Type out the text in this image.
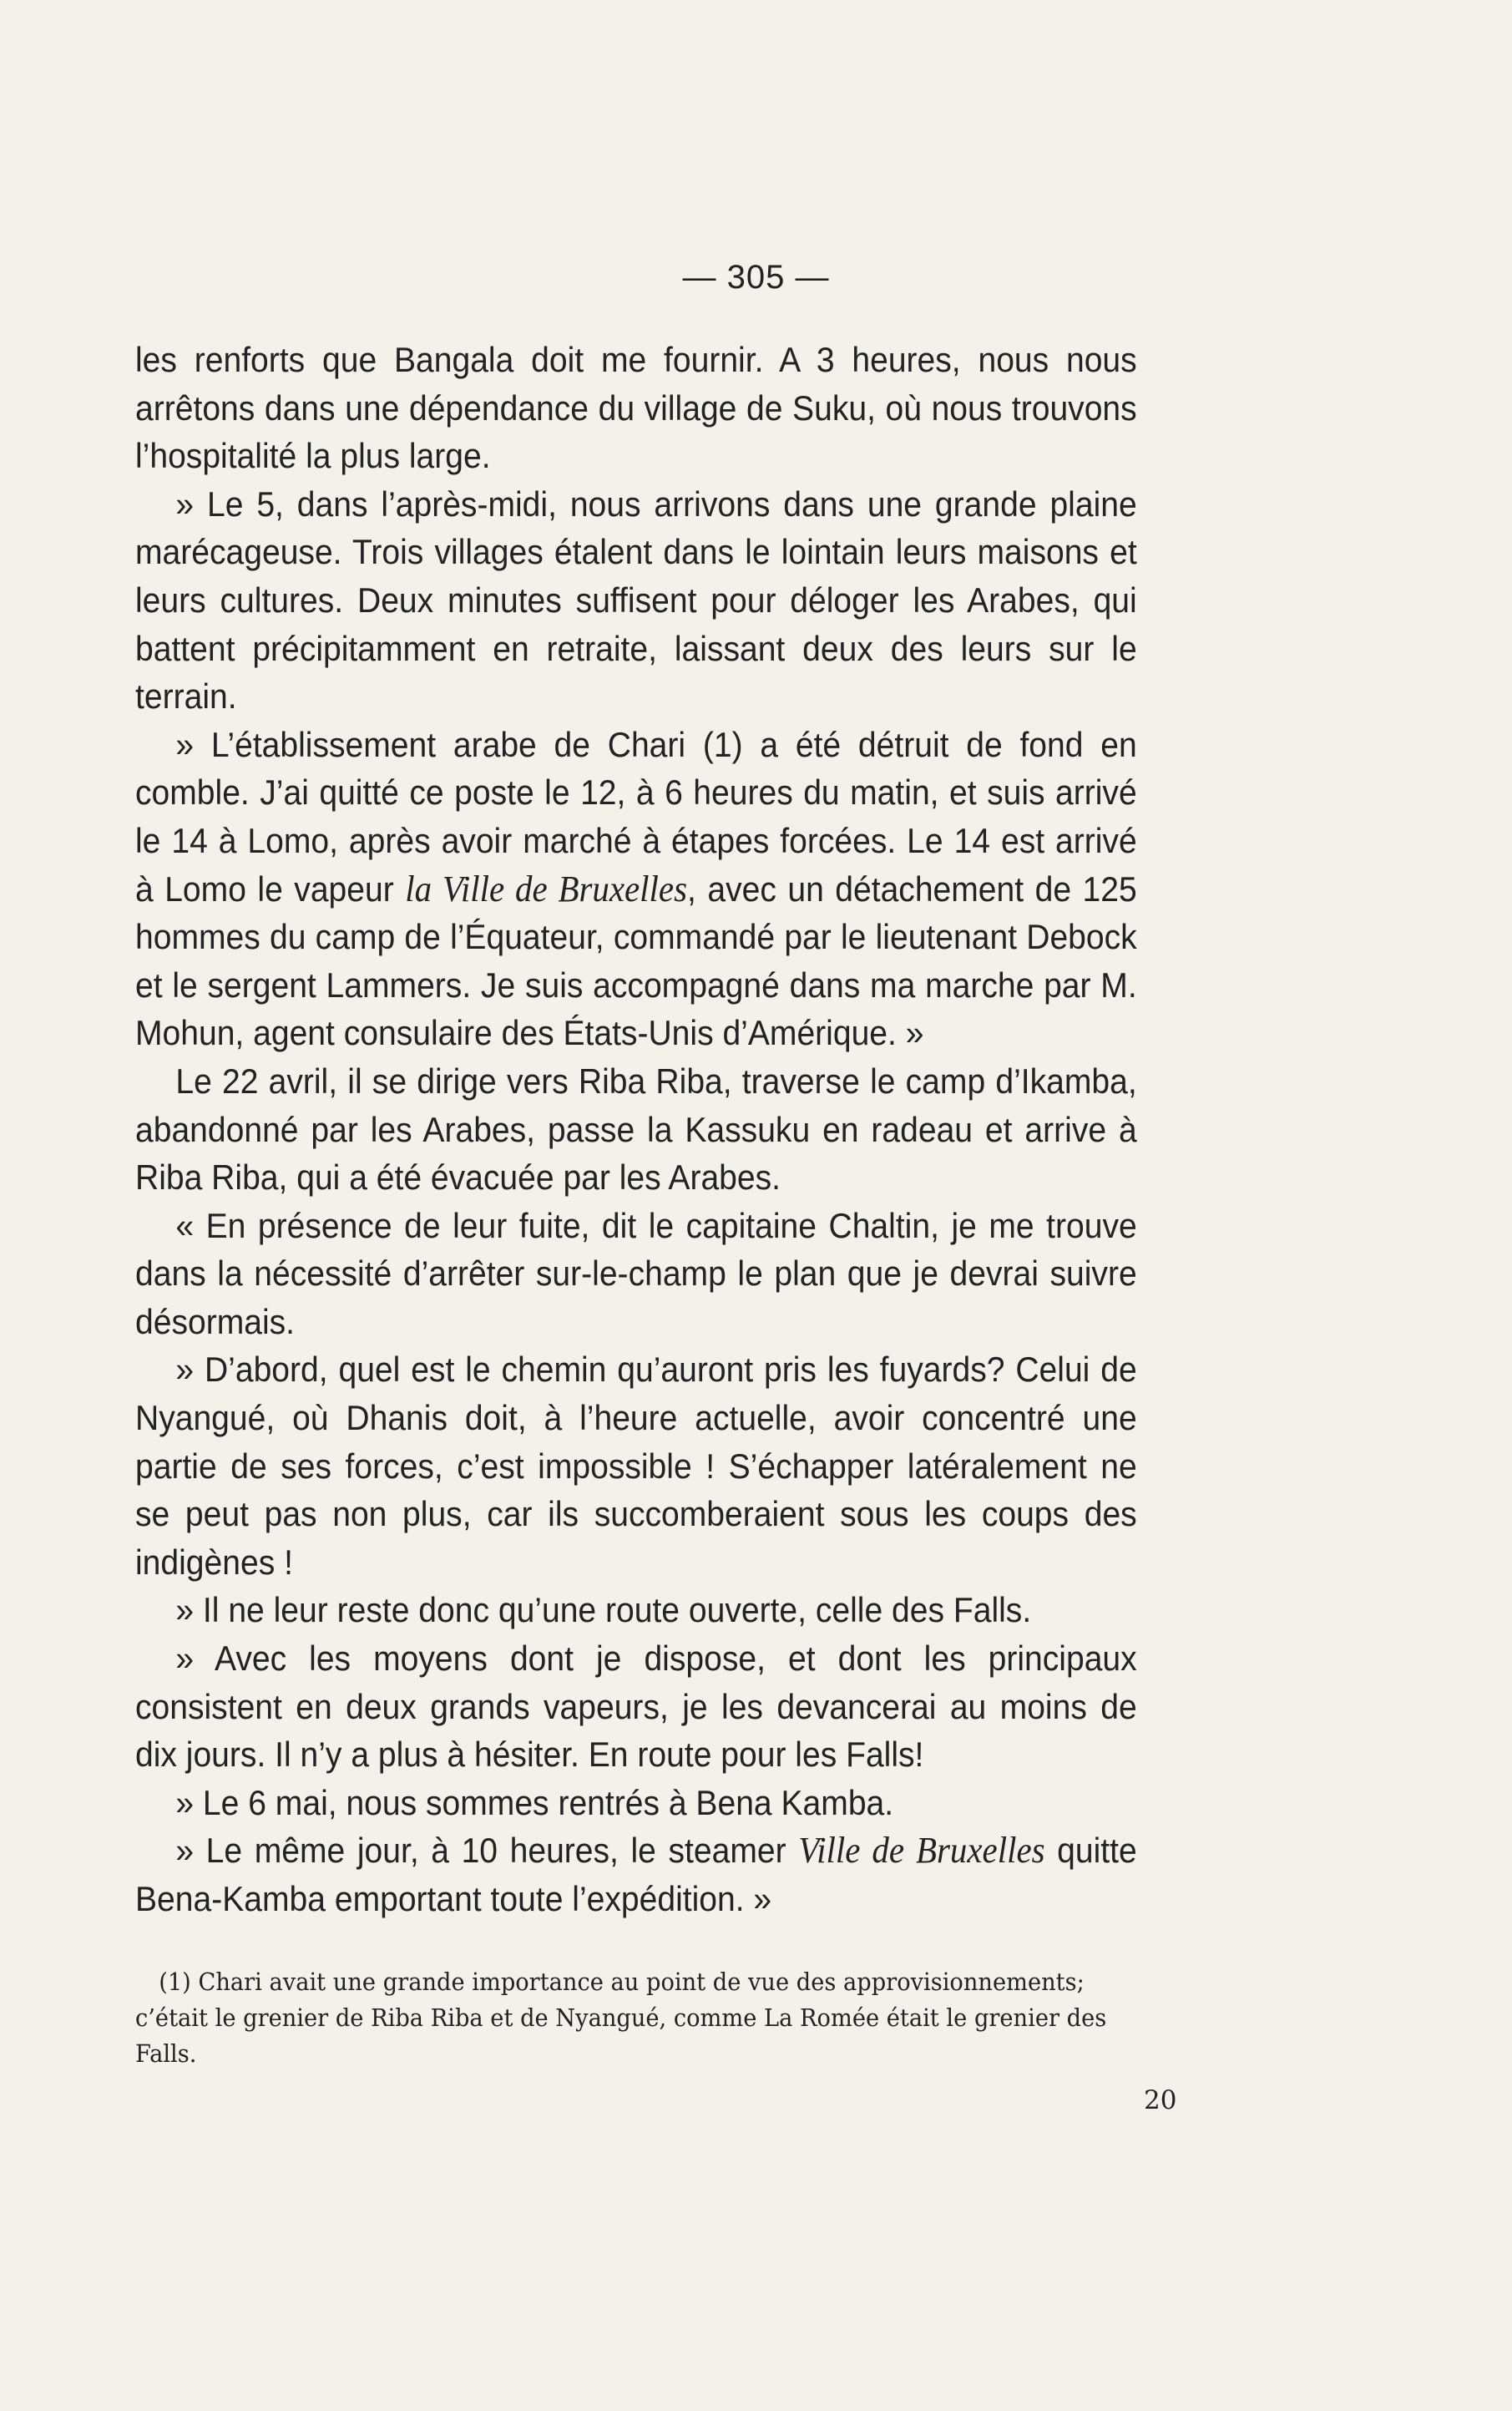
— 305 —

les renforts que Bangala doit me fournir. A 3 heures, nous nous arrêtons dans une dépendance du village de Suku, où nous trouvons l’hospitalité la plus large.

» Le 5, dans l’après-midi, nous arrivons dans une grande plaine marécageuse. Trois villages étalent dans le lointain leurs maisons et leurs cultures. Deux minutes suffisent pour déloger les Arabes, qui battent précipitamment en retraite, laissant deux des leurs sur le terrain.

» L’établissement arabe de Chari (1) a été détruit de fond en comble. J’ai quitté ce poste le 12, à 6 heures du matin, et suis arrivé le 14 à Lomo, après avoir marché à étapes forcées. Le 14 est arrivé à Lomo le vapeur la Ville de Bruxelles, avec un détachement de 125 hommes du camp de l’Équateur, commandé par le lieutenant Debock et le sergent Lammers. Je suis accompagné dans ma marche par M. Mohun, agent consulaire des États-Unis d’Amérique. »

Le 22 avril, il se dirige vers Riba Riba, traverse le camp d’Ikamba, abandonné par les Arabes, passe la Kassuku en radeau et arrive à Riba Riba, qui a été évacuée par les Arabes.

« En présence de leur fuite, dit le capitaine Chaltin, je me trouve dans la nécessité d’arrêter sur-le-champ le plan que je devrai suivre désormais.

» D’abord, quel est le chemin qu’auront pris les fuyards? Celui de Nyangué, où Dhanis doit, à l’heure actuelle, avoir concentré une partie de ses forces, c’est impossible ! S’échapper latéralement ne se peut pas non plus, car ils succomberaient sous les coups des indigènes !

» Il ne leur reste donc qu’une route ouverte, celle des Falls.

» Avec les moyens dont je dispose, et dont les principaux consistent en deux grands vapeurs, je les devancerai au moins de dix jours. Il n’y a plus à hésiter. En route pour les Falls!

» Le 6 mai, nous sommes rentrés à Bena Kamba.

» Le même jour, à 10 heures, le steamer Ville de Bruxelles quitte Bena-Kamba emportant toute l’expédition. »

(1) Chari avait une grande importance au point de vue des approvisionnements; c’était le grenier de Riba Riba et de Nyangué, comme La Romée était le grenier des Falls.

20
